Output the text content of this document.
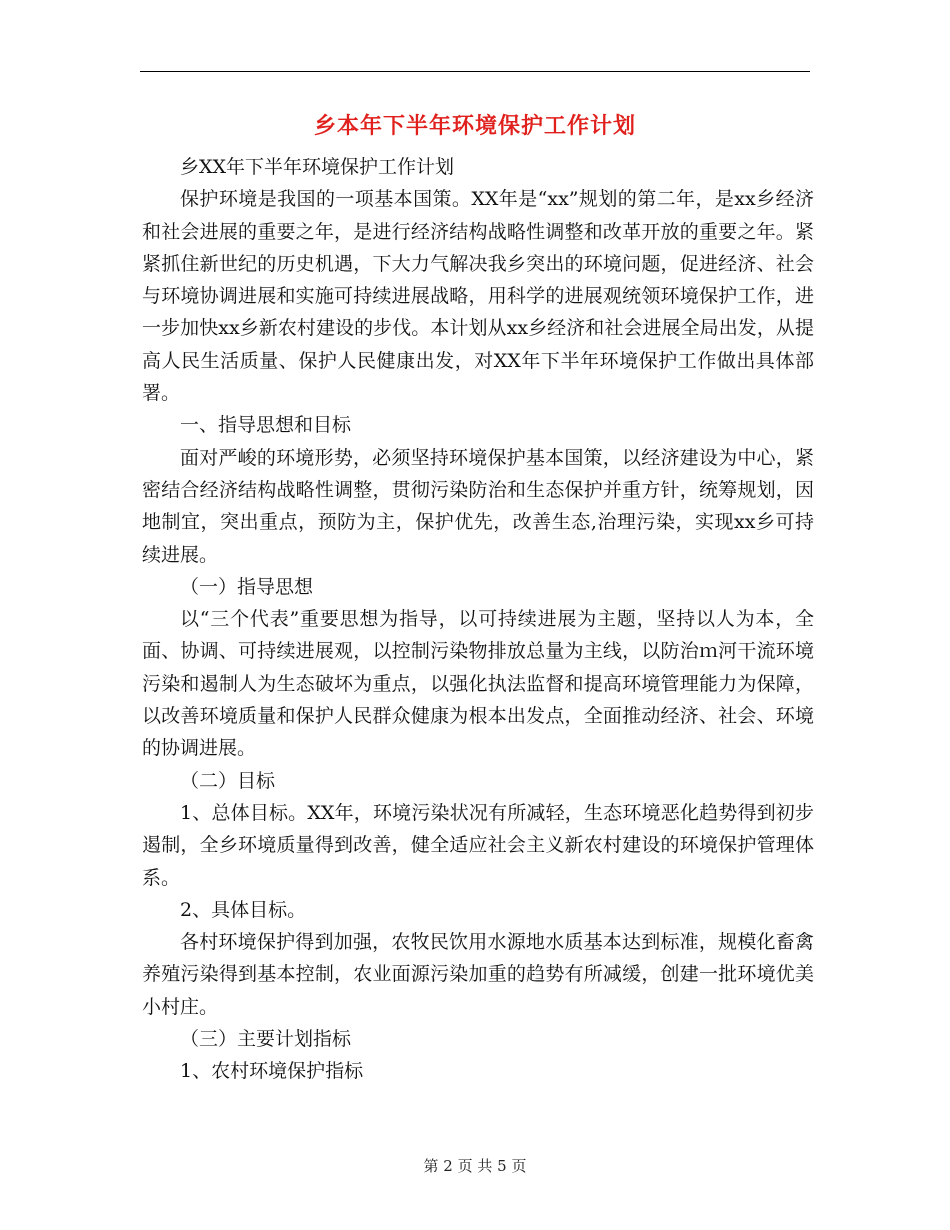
乡本年下半年环境保护工作计划

乡XX年下半年环境保护工作计划

保护环境是我国的一项基本国策。XX年是“xx”规划的第二年，是xx乡经济和社会进展的重要之年，是进行经济结构战略性调整和改革开放的重要之年。紧紧抓住新世纪的历史机遇，下大力气解决我乡突出的环境问题，促进经济、社会与环境协调进展和实施可持续进展战略，用科学的进展观统领环境保护工作，进一步加快xx乡新农村建设的步伐。本计划从xx乡经济和社会进展全局出发，从提高人民生活质量、保护人民健康出发，对XX年下半年环境保护工作做出具体部署。

一、指导思想和目标

面对严峻的环境形势，必须坚持环境保护基本国策，以经济建设为中心，紧密结合经济结构战略性调整，贯彻污染防治和生态保护并重方针，统筹规划，因地制宜，突出重点，预防为主，保护优先，改善生态,治理污染，实现xx乡可持续进展。

（一）指导思想

以“三个代表”重要思想为指导，以可持续进展为主题，坚持以人为本，全面、协调、可持续进展观，以控制污染物排放总量为主线，以防治ｍ河干流环境污染和遏制人为生态破坏为重点，以强化执法监督和提高环境管理能力为保障，以改善环境质量和保护人民群众健康为根本出发点，全面推动经济、社会、环境的协调进展。

（二）目标

1、总体目标。XX年，环境污染状况有所减轻，生态环境恶化趋势得到初步遏制，全乡环境质量得到改善，健全适应社会主义新农村建设的环境保护管理体系。

2、具体目标。

各村环境保护得到加强，农牧民饮用水源地水质基本达到标准，规模化畜禽养殖污染得到基本控制，农业面源污染加重的趋势有所减缓，创建一批环境优美小村庄。

（三）主要计划指标

1、农村环境保护指标

第 2 页 共 5 页
